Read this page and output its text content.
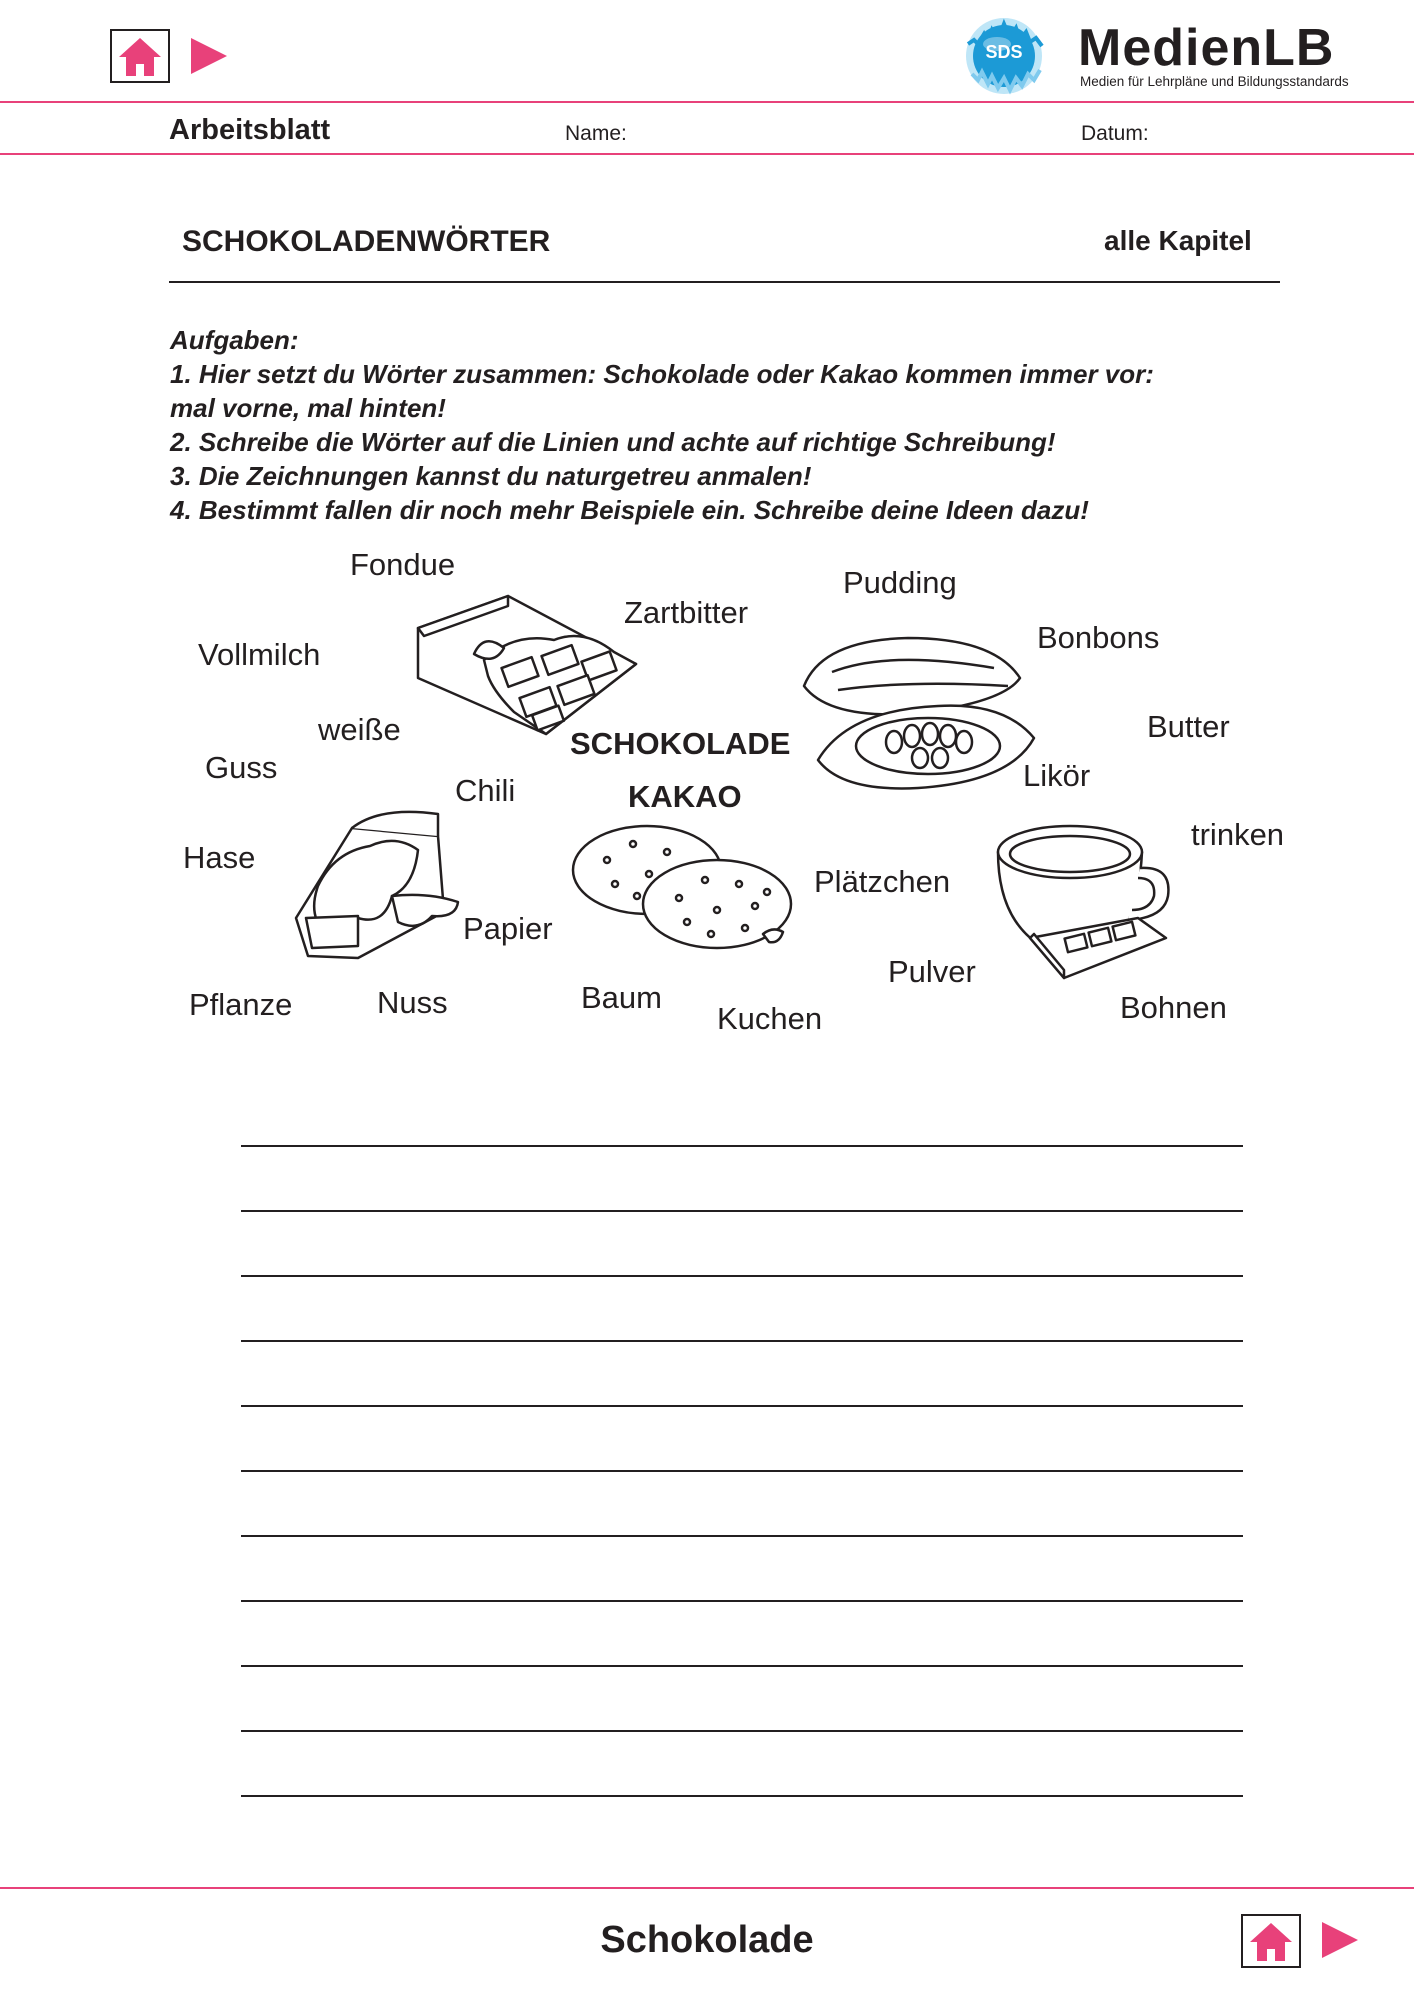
SDS	MedienLB
Medien für Lehrpläne und Bildungsstandards
Arbeitsblatt	Name:	Datum:
SCHOKOLADENWÖRTER	alle Kapitel
Aufgaben:
1. Hier setzt du Wörter zusammen: Schokolade oder Kakao kommen immer vor:
mal vorne, mal hinten!
2. Schreibe die Wörter auf die Linien und achte auf richtige Schreibung!
3. Die Zeichnungen kannst du naturgetreu anmalen!
4. Bestimmt fallen dir noch mehr Beispiele ein. Schreibe deine Ideen dazu!
Fondue
Zartbitter
Pudding
Vollmilch	Bonbons
weiße	Butter
Guss
Chili	Likör
trinken
Hase
Plätzchen
Papier
Pulver
Pflanze	Nuss	Baum
Kuchen	Bohnen
SCHOKOLADE
KAKAO
Schokolade
